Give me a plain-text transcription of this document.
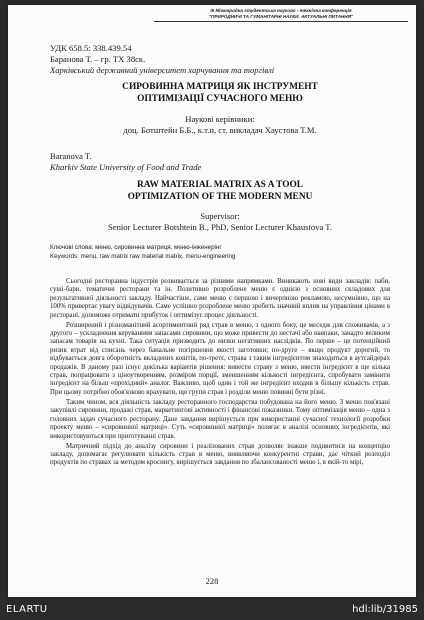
ІІІ Міжнародна студентська науково - технічна конференція
"ПРИРОДНИЧІ ТА ГУМАНІТАРНІ НАУКИ. АКТУАЛЬНІ ПИТАННЯ"
УДК 658.5: 338.439.54
Баранова Т. – гр. ТХ 38ск.
Харківський державний університет харчування та торгівлі
СИРОВИННА МАТРИЦЯ ЯК ІНСТРУМЕНТ
ОПТИМІЗАЦІЇ СУЧАСНОГО МЕНЮ
Наукові керівники:
доц. Ботштейн Б.Б., к.т.н, ст. викладач Хаустова Т.М.
Baranova T.
Kharkiv State University of Food and Trade
RAW MATERIAL MATRIX AS A TOOL
OPTIMIZATION OF THE MODERN MENU
Supervisor:
Senior Lecturer Botshtein B., PhD, Senior Lecturer Khaustova T.
Ключові слова: меню, сировинна матриця, меню-інженерінг
Keywords: menu, raw matrix raw material matrix, menu-engineering

Сьогодні ресторанна індустрія розвивається за різними напрямками. Виникають нові види закладів: паби, суші-бари, тематичні ресторани та ін. Позитивно розроблене меню є однією з основних складових для результативної діяльності закладу. Найчастіше, саме меню є першою і вичерпною рекламою, несумнівно, що на 100% привертає увагу відвідувачів. Саме успішно розроблене меню зробить значний вплив на управління цінами в ресторані, допоможе отримати прибуток і оптимізує процес діяльності.

Розширений і різноманітний асортиментний ряд страв в меню, з одного боку, це меседж для споживачів, а з другого – ускладнення керуванням запасами сировини, що може привести до нестачі або навпаки, занадто великим запасам товарів на кухні. Така ситуація призводить до низки негативних наслідків. По перше – це потенційний ризик втрат від списань через банальне погіршення якості заготовки; по-друге – якщо продукт дорогий, то відбувається довга оборотність вкладених коштів, по-третє, страва з таким інгредієнтом знаходиться в аутсайдерах продажів. В даному разі існує декілька варіантів рішення: вивести страву з меню, ввести інгредієнт в ще кілька страв, попрацювати з ціноутворенням, розміром порції, зменшенням кількості інгредієнта, спробувати замінити інгредієнт на більш «прохідний» аналог. Важливо, щоб один і той же інгредієнт входив в більшу кількість страв. При цьому потрібно обов'язково врахувати, що групи страв і розділи меню повинні бути різні.

Таким чином, вся діяльність закладу ресторанного господарства побудована на його меню. З меню пов'язані закупівлі сировини, продажі страв, маркетингові активності і фінансові показники. Тому оптимізація меню – одна з головних задач сучасного ресторану. Дане завдання вирішується при використанні сучасної технології розробки проекту меню – «сировинної матриці». Суть «сировинної матриці» полягає в аналізі основних інгредієнтів, які використовуються при приготуванні страв.

Матричний підхід до аналізу сировини і реалізованих страв дозволяє інакше подивитися на концепцію закладу, допомагає регулювати кількість страв в меню, виявляючи конкурентні страви, дає чіткий розподіл продуктів по стравах за методом кросингу, вирішується завдання по збалансованості меню і, в якій-то мірі,

228
ELARTU	hdl:lib/31985
